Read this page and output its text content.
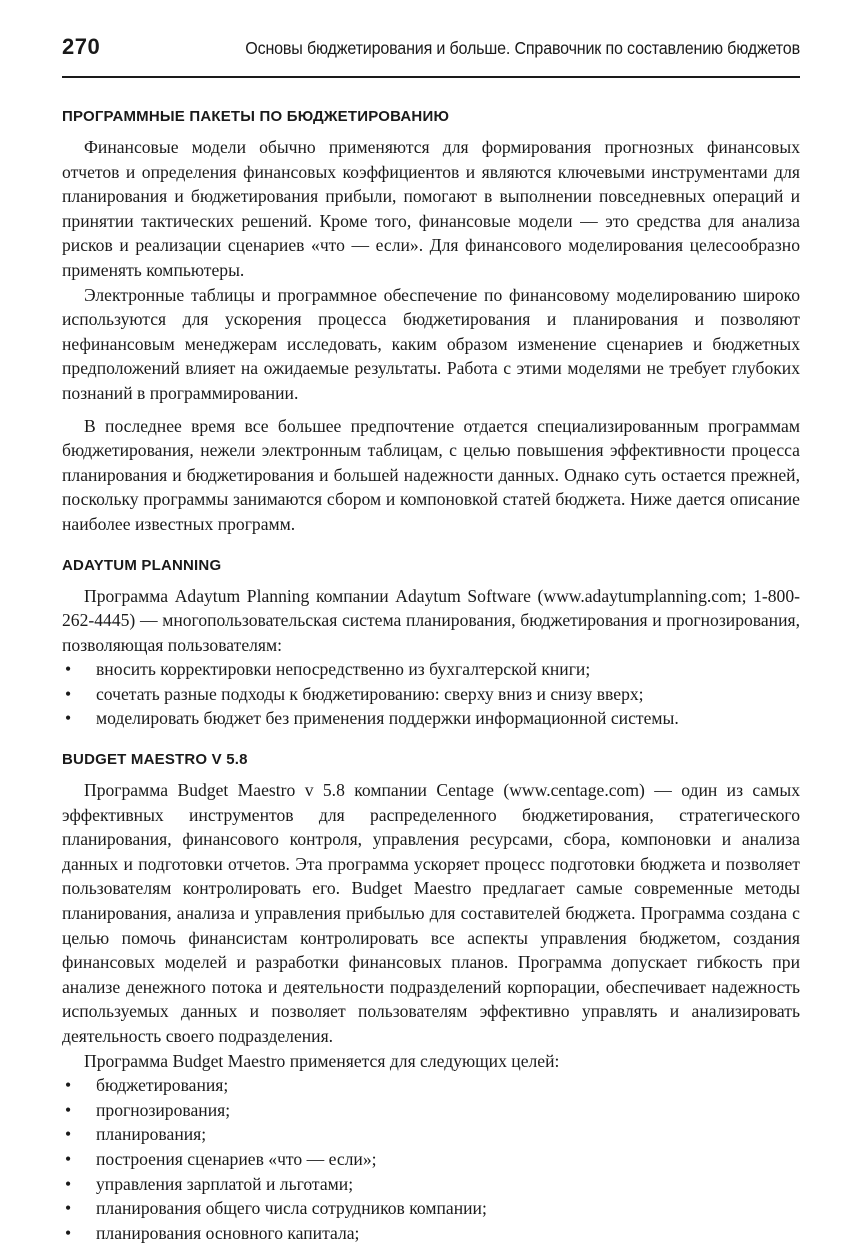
270	Основы бюджетирования и больше. Справочник по составлению бюджетов
ПРОГРАММНЫЕ ПАКЕТЫ ПО БЮДЖЕТИРОВАНИЮ

Финансовые модели обычно применяются для формирования прогнозных финансовых отчетов и определения финансовых коэффициентов и являются ключевыми инструментами для планирования и бюджетирования прибыли, помогают в выполнении повседневных операций и принятии тактических решений. Кроме того, финансовые модели — это средства для анализа рисков и реализации сценариев «что — если». Для финансового моделирования целесообразно применять компьютеры.

Электронные таблицы и программное обеспечение по финансовому моделированию широко используются для ускорения процесса бюджетирования и планирования и позволяют нефинансовым менеджерам исследовать, каким образом изменение сценариев и бюджетных предположений влияет на ожидаемые результаты. Работа с этими моделями не требует глубоких познаний в программировании.

В последнее время все большее предпочтение отдается специализированным программам бюджетирования, нежели электронным таблицам, с целью повышения эффективности процесса планирования и бюджетирования и большей надежности данных. Однако суть остается прежней, поскольку программы занимаются сбором и компоновкой статей бюджета. Ниже дается описание наиболее известных программ.

ADAYTUM PLANNING

Программа Adaytum Planning компании Adaytum Software (www.adaytumplanning.com; 1-800-262-4445) — многопользовательская система планирования, бюджетирования и прогнозирования, позволяющая пользователям:

• вносить корректировки непосредственно из бухгалтерской книги;
• сочетать разные подходы к бюджетированию: сверху вниз и снизу вверх;
• моделировать бюджет без применения поддержки информационной системы.
BUDGET MAESTRO V 5.8

Программа Budget Maestro v 5.8 компании Centage (www.centage.com) — один из самых эффективных инструментов для распределенного бюджетирования, стратегического планирования, финансового контроля, управления ресурсами, сбора, компоновки и анализа данных и подготовки отчетов. Эта программа ускоряет процесс подготовки бюджета и позволяет пользователям контролировать его. Budget Maestro предлагает самые современные методы планирования, анализа и управления прибылью для составителей бюджета. Программа создана с целью помочь финансистам контролировать все аспекты управления бюджетом, создания финансовых моделей и разработки финансовых планов. Программа допускает гибкость при анализе денежного потока и деятельности подразделений корпорации, обеспечивает надежность используемых данных и позволяет пользователям эффективно управлять и анализировать деятельность своего подразделения.

Программа Budget Maestro применяется для следующих целей:

• бюджетирования;
• прогнозирования;
• планирования;
• построения сценариев «что — если»;
• управления зарплатой и льготами;
• планирования общего числа сотрудников компании;
• планирования основного капитала;
